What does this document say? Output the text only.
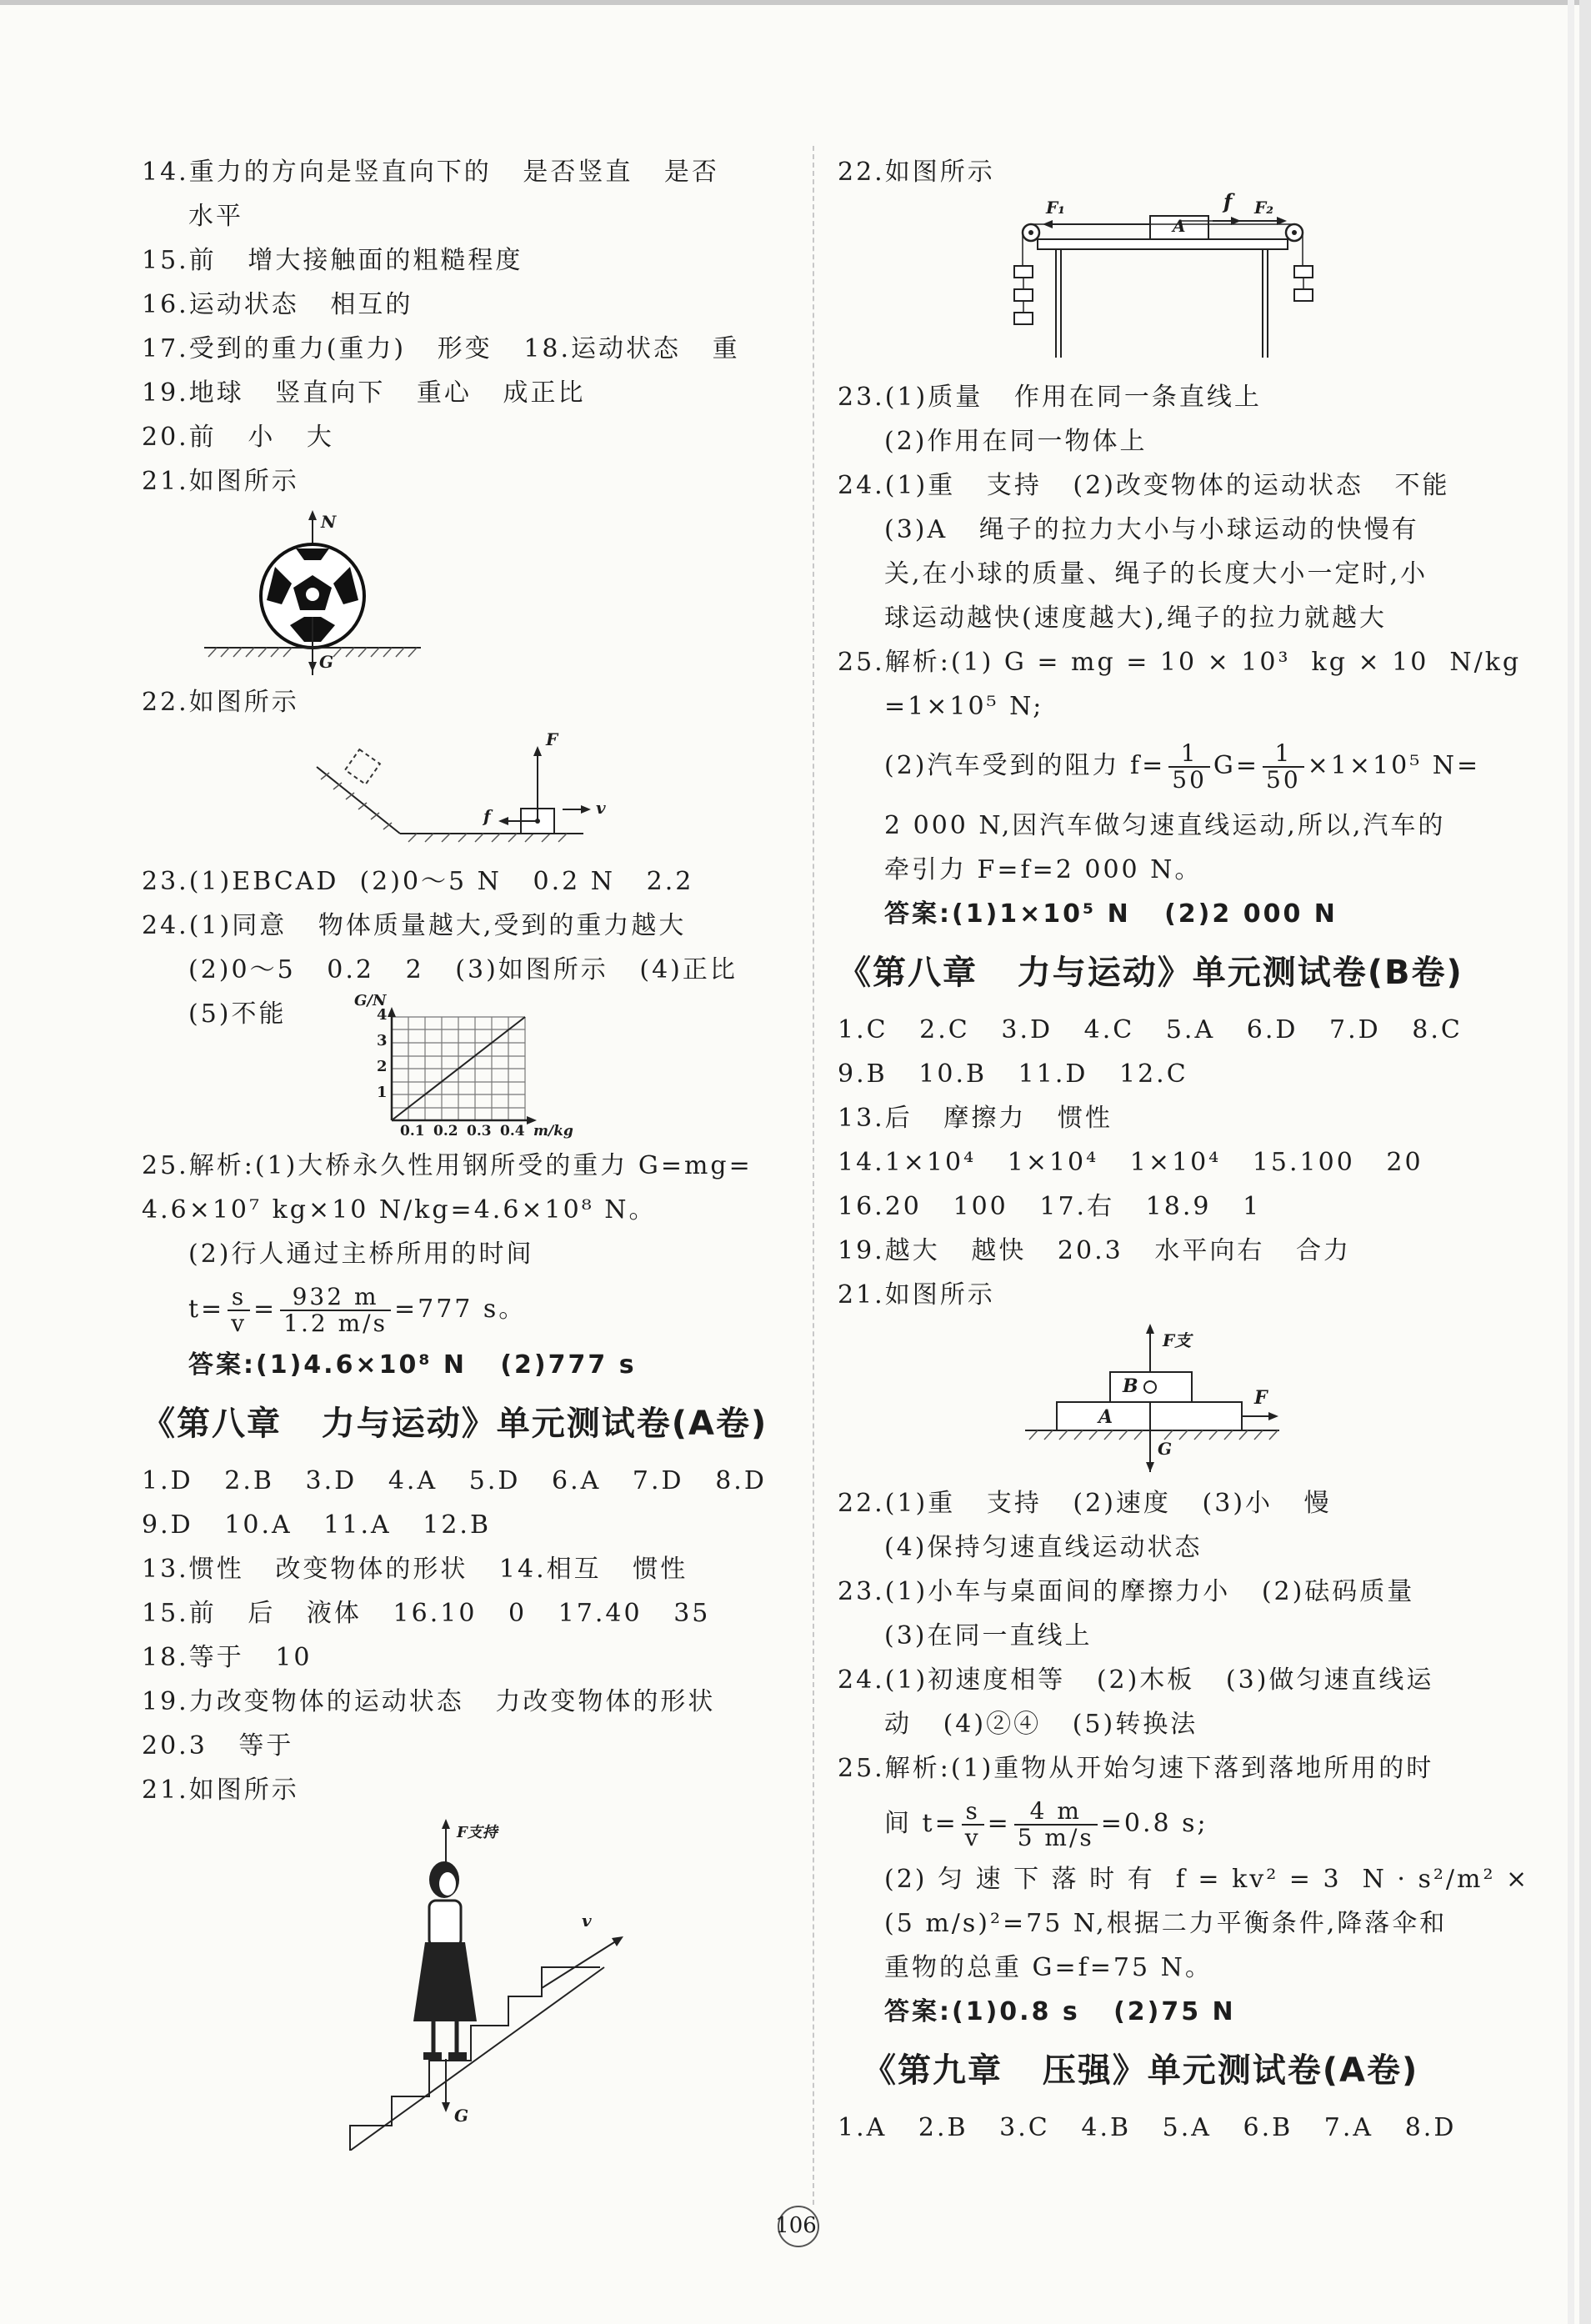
14.重力的方向是竖直向下的   是否竖直   是否
水平
15.前   增大接触面的粗糙程度
16.运动状态   相互的
17.受到的重力(重力)   形变   18.运动状态   重
19.地球   竖直向下   重心   成正比
20.前   小   大
21.如图所示
N
G
22.如图所示
F
f	v
23.(1)EBCAD  (2)0～5 N   0.2 N   2.2
24.(1)同意   物体质量越大,受到的重力越大
(2)0～5   0.2   2   (3)如图所示   (4)正比
(5)不能	G/N
1
2
3
4
0.1 0.2 0.3 0.4 m/kg
25.解析:(1)大桥永久性用钢所受的重力 G=mg=
4.6×10⁷ kg×10 N/kg=4.6×10⁸ N。
(2)行人通过主桥所用的时间
$t= \frac{s}{v} = \frac{932 m}{1.2 m/s} =777$ s。
答案:(1)4.6×10⁸ N   (2)777 s
《第八章   力与运动》单元测试卷(A卷)
1.D   2.B   3.D   4.A   5.D   6.A   7.D   8.D
9.D   10.A   11.A   12.B
13.惯性   改变物体的形状   14.相互   惯性
15.前   后   液体   16.10   0   17.40   35
18.等于   10
19.力改变物体的运动状态   力改变物体的形状
20.3   等于
21.如图所示
F支持
v
G
22.如图所示
F₁	f F₂
A
23.(1)质量   作用在同一条直线上
(2)作用在同一物体上
24.(1)重   支持   (2)改变物体的运动状态   不能
(3)A   绳子的拉力大小与小球运动的快慢有
关,在小球的质量、绳子的长度大小一定时,小
球运动越快(速度越大),绳子的拉力就越大
25.解析:(1) G = mg = 10 × 10³  kg × 10  N/kg
=1×10⁵ N;
(2)汽车受到的阻力 $f= \frac{1}{50} G= \frac{1}{50} \times 1\times 10^5$ N=
2 000 N,因汽车做匀速直线运动,所以,汽车的
牵引力 F=f=2 000 N。
答案:(1)1×10⁵ N   (2)2 000 N
《第八章   力与运动》单元测试卷(B卷)
1.C   2.C   3.D   4.C   5.A   6.D   7.D   8.C
9.B   10.B   11.D   12.C
13.后   摩擦力   惯性
14.1×10⁴   1×10⁴   1×10⁴   15.100   20
16.20   100   17.右   18.9   1
19.越大   越快   20.3   水平向右   合力
21.如图所示
F支
B
A
F
G
22.(1)重   支持   (2)速度   (3)小   慢
(4)保持匀速直线运动状态
23.(1)小车与桌面间的摩擦力小   (2)砝码质量
(3)在同一直线上
24.(1)初速度相等   (2)木板   (3)做匀速直线运
动   (4)②④   (5)转换法
25.解析:(1)重物从开始匀速下落到落地所用的时
间 $t= \frac{s}{v} = \frac{4 m}{5 m/s} =0.8$ s;
(2) 匀 速 下 落 时 有  f = kv² = 3  N · s²/m² ×
(5 m/s)²=75 N,根据二力平衡条件,降落伞和
重物的总重 G=f=75 N。
答案:(1)0.8 s   (2)75 N
《第九章   压强》单元测试卷(A卷)
1.A   2.B   3.C   4.B   5.A   6.B   7.A   8.D
106
